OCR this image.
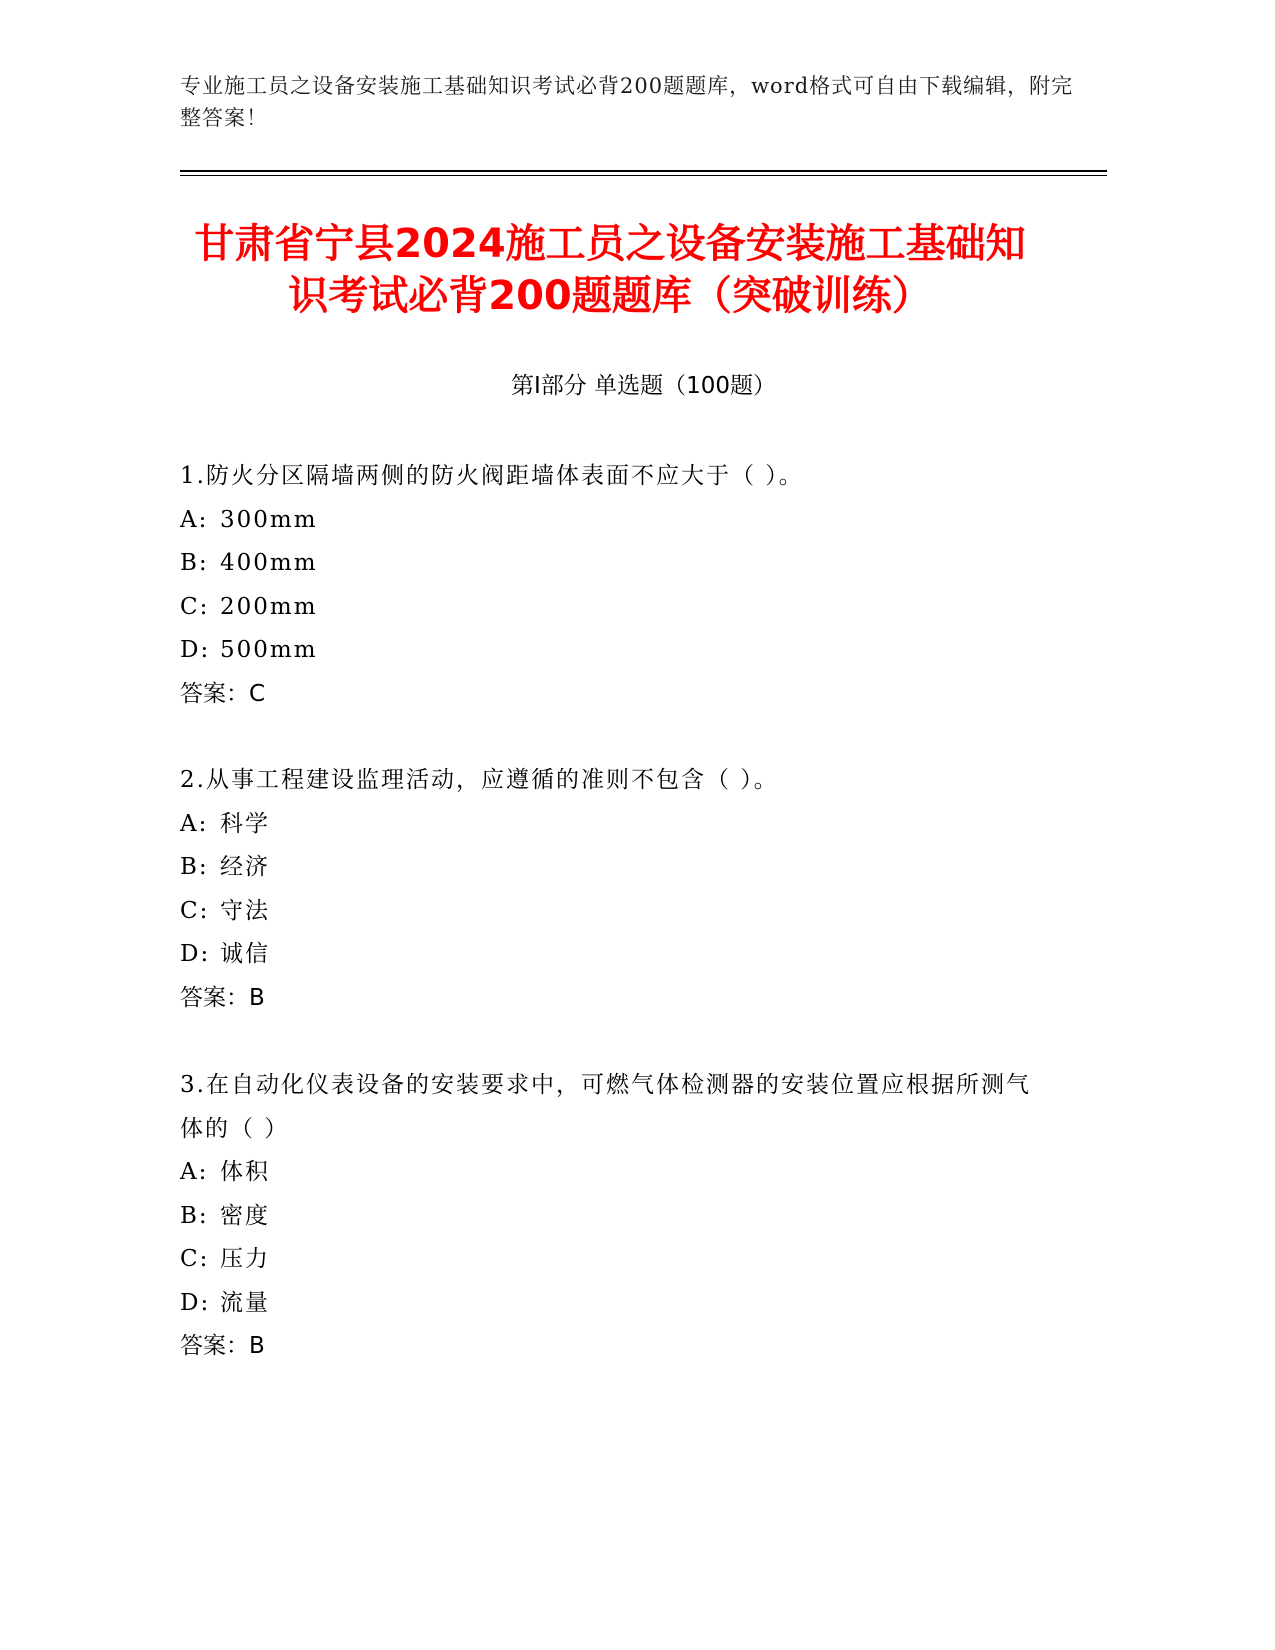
专业施工员之设备安装施工基础知识考试必背200题题库，word格式可自由下载编辑，附完整答案！
甘肃省宁县2024施工员之设备安装施工基础知识考试必背200题题库（突破训练）
第Ⅰ部分 单选题（100题）
1.防火分区隔墙两侧的防火阀距墙体表面不应大于（ ）。
A: 300mm
B: 400mm
C: 200mm
D: 500mm
答案：C
2.从事工程建设监理活动，应遵循的准则不包含（ ）。
A: 科学
B: 经济
C: 守法
D: 诚信
答案：B
3.在自动化仪表设备的安装要求中，可燃气体检测器的安装位置应根据所测气体的（ ）
A: 体积
B: 密度
C: 压力
D: 流量
答案：B
